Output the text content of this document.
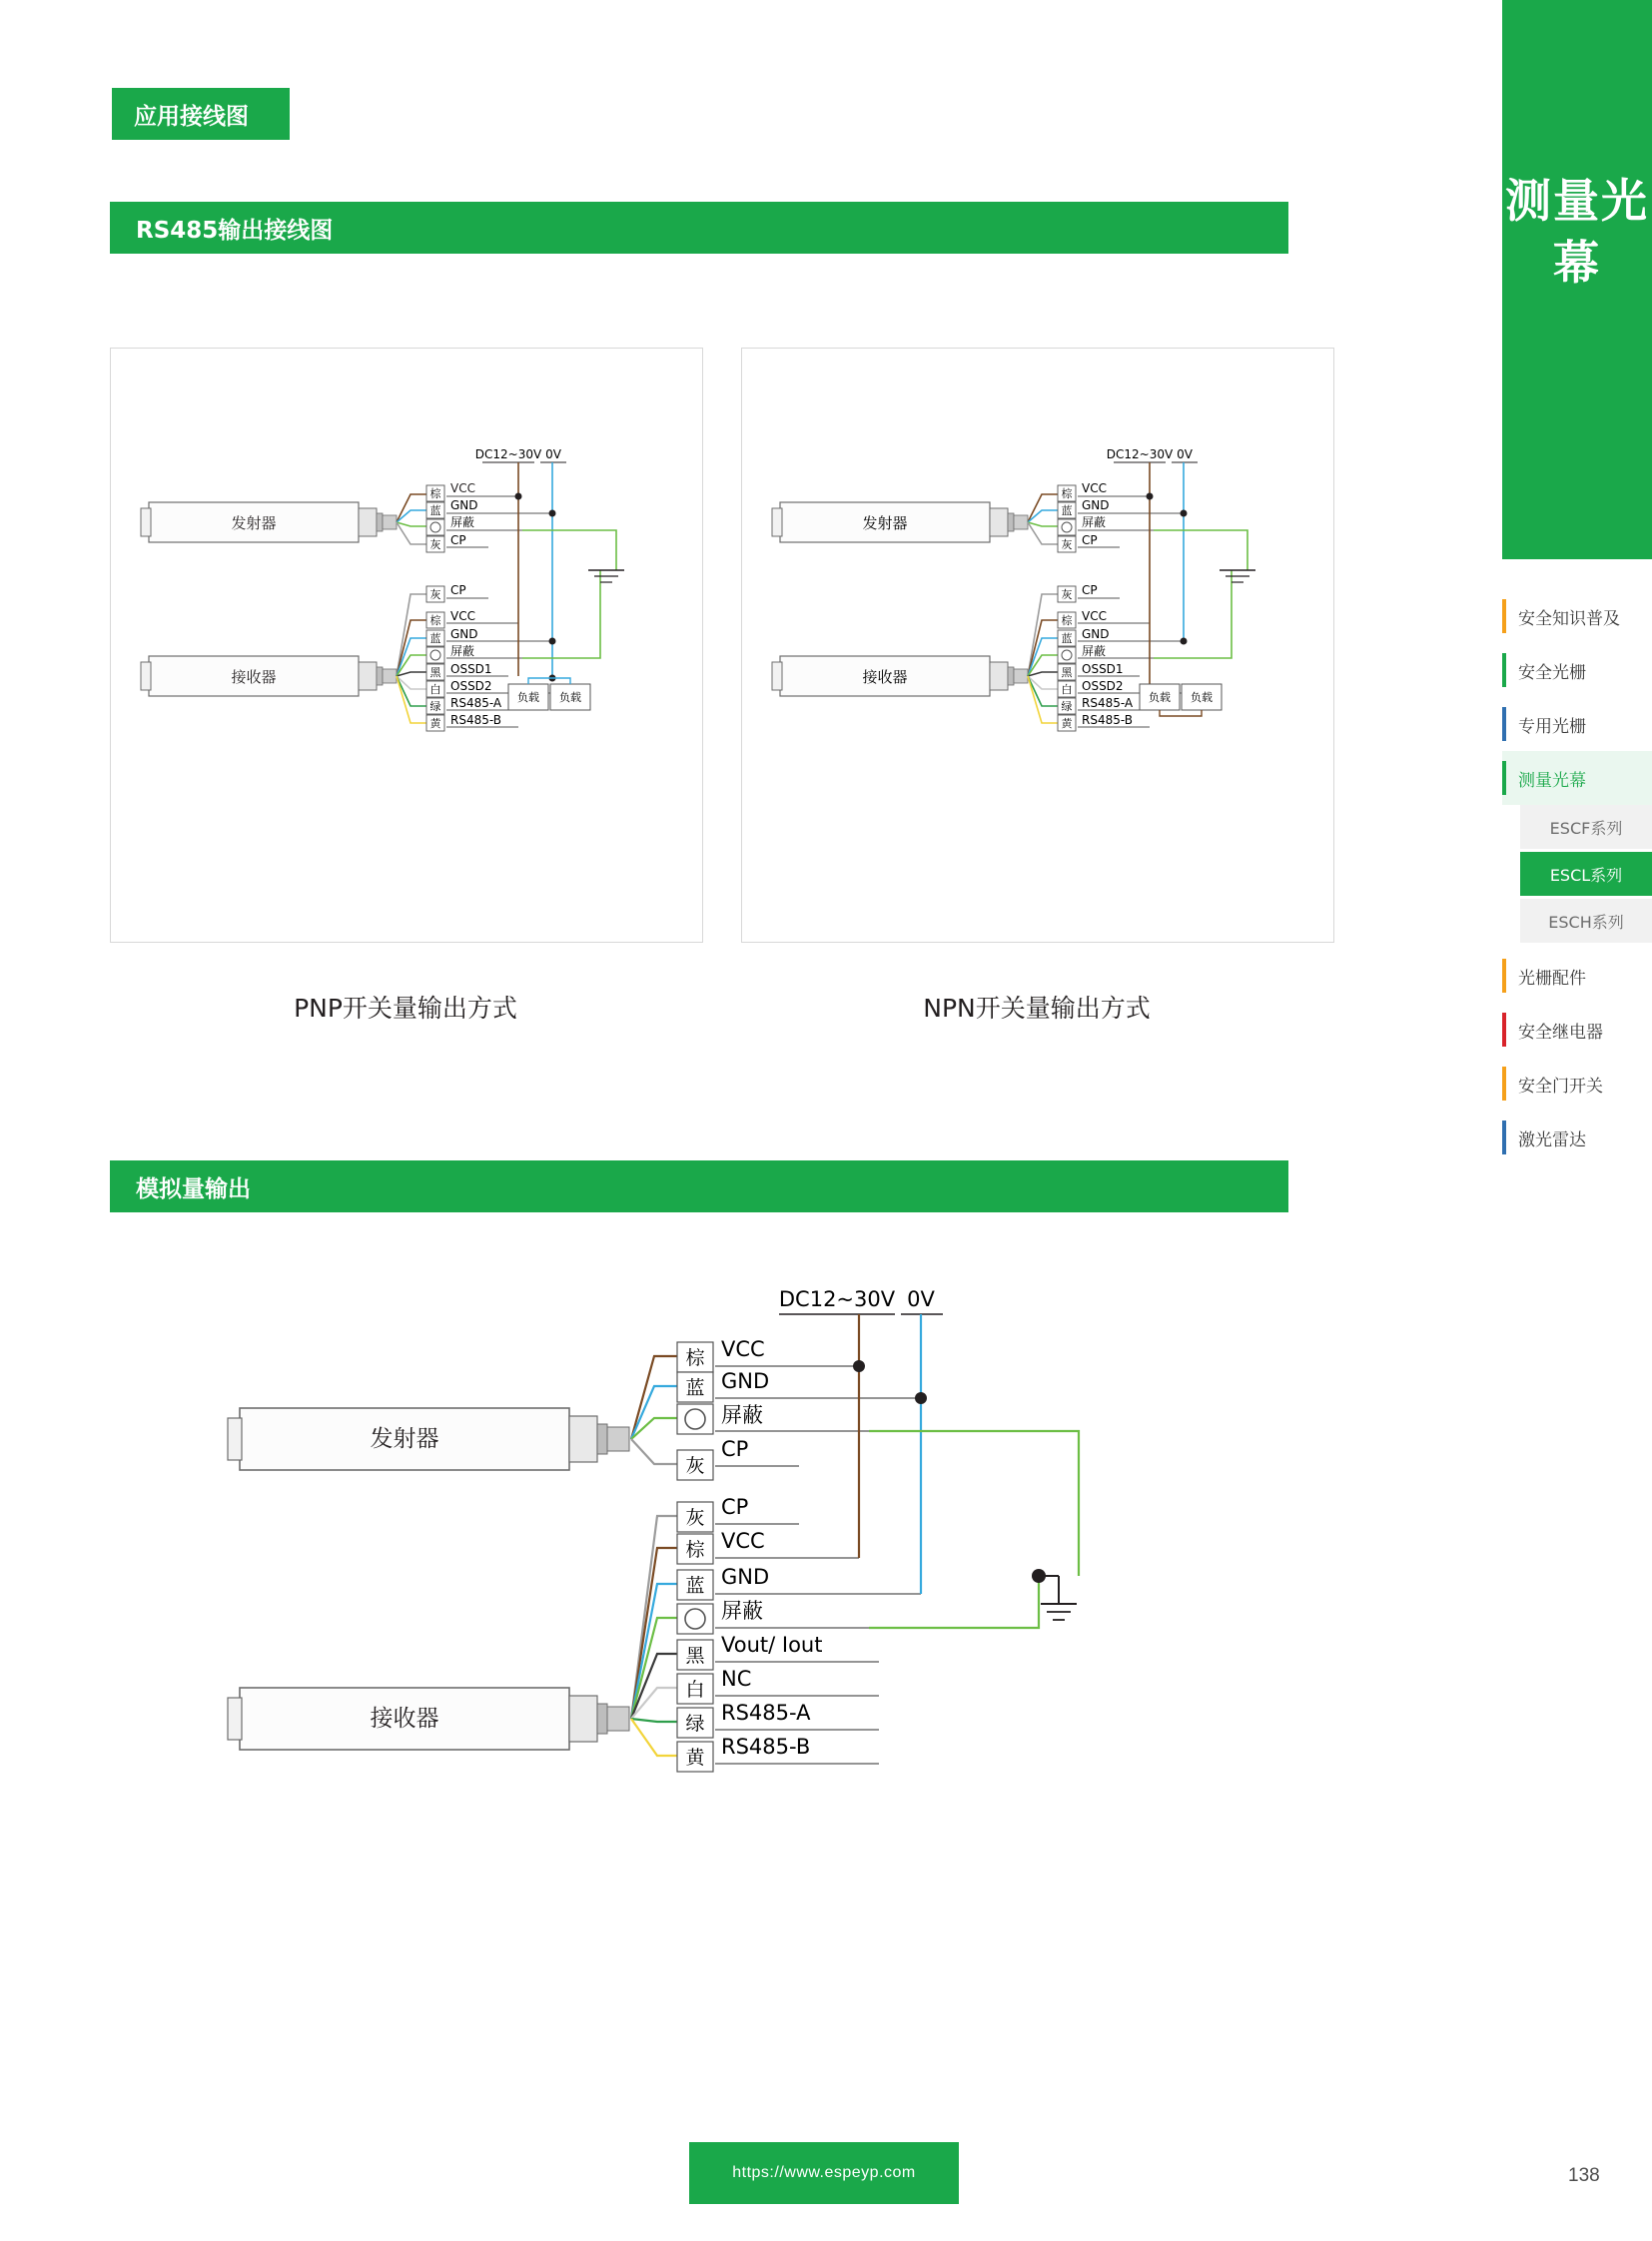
测量光幕
安全知识普及
安全光栅
专用光栅
测量光幕
ESCF系列
ESCL系列
ESCH系列
光栅配件
安全继电器
安全门开关
激光雷达
应用接线图
RS485输出接线图
模拟量输出
发射器
棕 VCC
蓝 GND
屏蔽
灰 CP
接收器
灰 CP
棕 VCC
蓝 GND
屏蔽
黑 OSSD1
白 OSSD2
绿 RS485-A
黄 RS485-B
DC12~30V 0V
负载 负载
发射器
棕 VCC
蓝 GND
屏蔽
灰 CP
接收器
灰 CP
棕 VCC
蓝 GND
屏蔽
黑 OSSD1
白 OSSD2
绿 RS485-A
黄 RS485-B
DC12~30V 0V
负载 负载
PNP开关量输出方式	NPN开关量输出方式
发射器
棕 VCC
蓝 GND
屏蔽
灰
CP
接收器
灰 CP
棕 VCC
蓝 GND
屏蔽
黑 Vout/ Iout
白 NC
绿 RS485-A
黄 RS485-B
DC12~30V 0V
https://www.espeyp.com	138
